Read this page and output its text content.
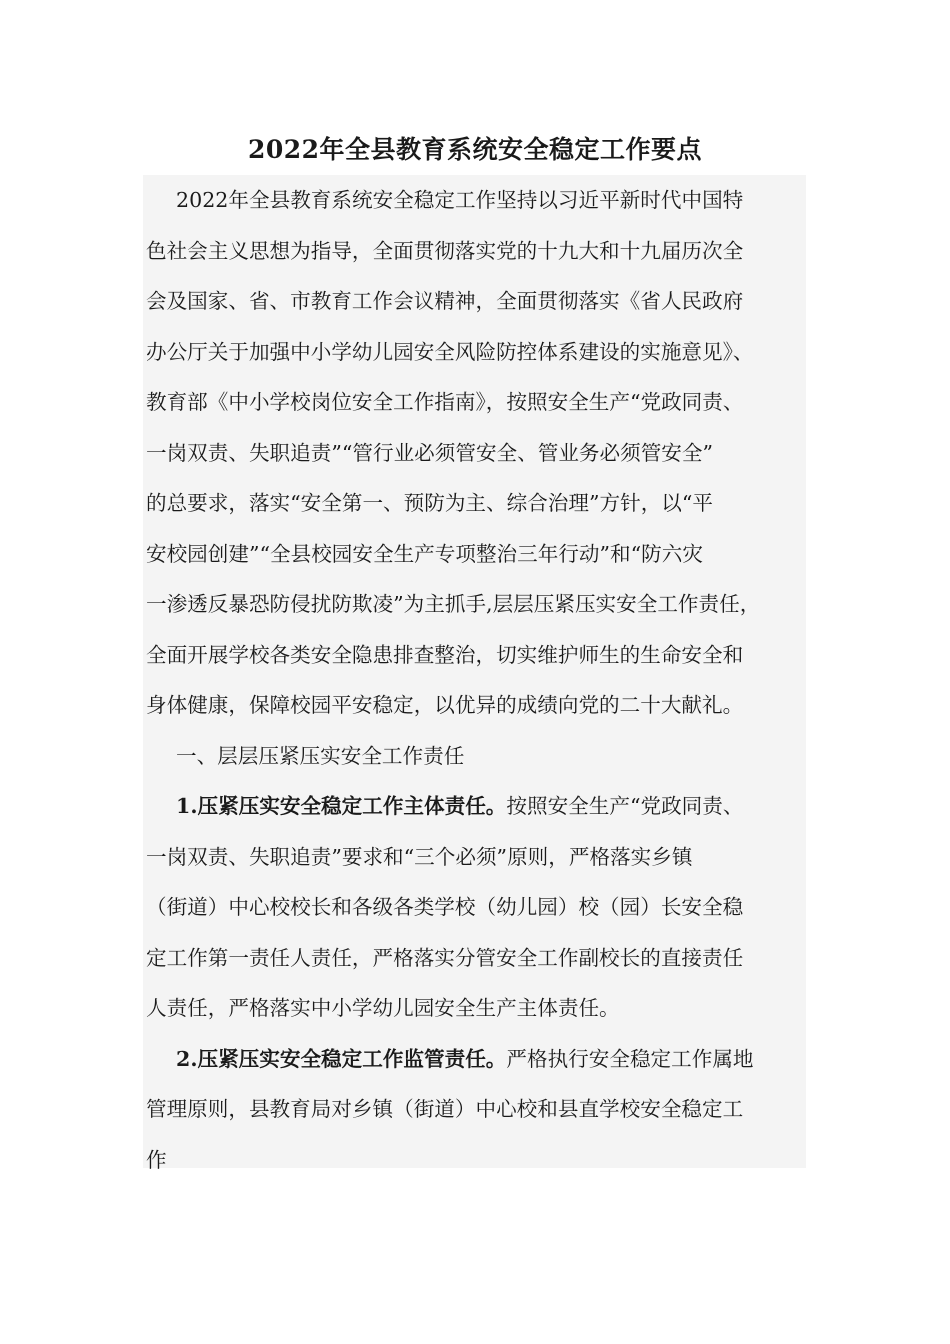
2022年全县教育系统安全稳定工作要点
2022年全县教育系统安全稳定工作坚持以习近平新时代中国特
色社会主义思想为指导，全面贯彻落实党的十九大和十九届历次全
会及国家、省、市教育工作会议精神，全面贯彻落实《省人民政府
办公厅关于加强中小学幼儿园安全风险防控体系建设的实施意见》、
教育部《中小学校岗位安全工作指南》，按照安全生产“党政同责、
一岗双责、失职追责”“管行业必须管安全、管业务必须管安全”
的总要求，落实“安全第一、预防为主、综合治理”方针，以“平
安校园创建”“全县校园安全生产专项整治三年行动”和“防六灾
一渗透反暴恐防侵扰防欺凌”为主抓手,层层压紧压实安全工作责任，
全面开展学校各类安全隐患排查整治，切实维护师生的生命安全和
身体健康，保障校园平安稳定，以优异的成绩向党的二十大献礼。
一、层层压紧压实安全工作责任
1.压紧压实安全稳定工作主体责任。按照安全生产“党政同责、
一岗双责、失职追责”要求和“三个必须”原则，严格落实乡镇
（街道）中心校校长和各级各类学校（幼儿园）校（园）长安全稳
定工作第一责任人责任，严格落实分管安全工作副校长的直接责任
人责任，严格落实中小学幼儿园安全生产主体责任。
2.压紧压实安全稳定工作监管责任。严格执行安全稳定工作属地
管理原则，县教育局对乡镇（街道）中心校和县直学校安全稳定工
作
